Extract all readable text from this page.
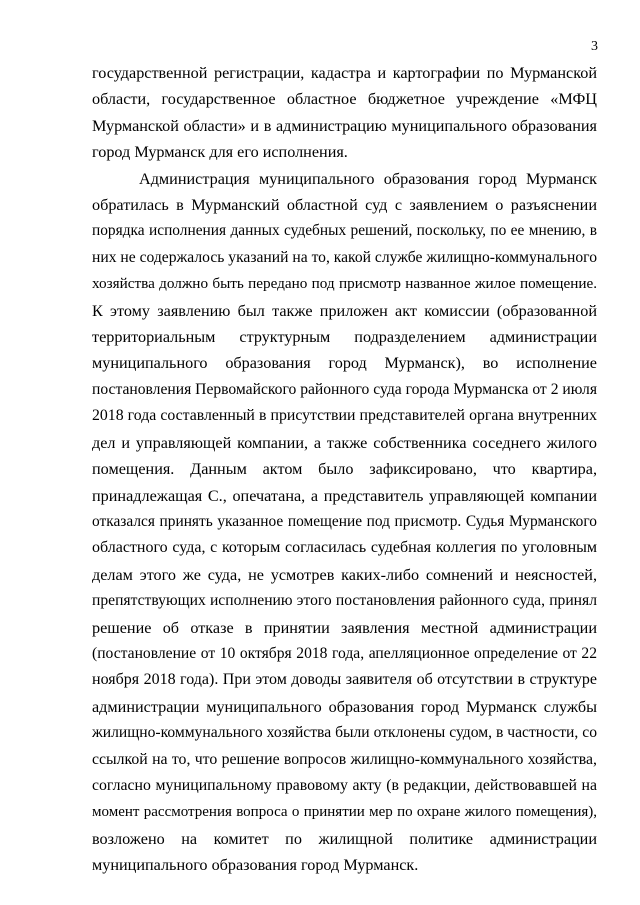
3

государственной регистрации, кадастра и картографии по Мурманской

области, государственное областное бюджетное учреждение «МФЦ

Мурманской области» и в администрацию муниципального образования

город Мурманск для его исполнения.

Администрация муниципального образования город Мурманск

обратилась в Мурманский областной суд с заявлением о разъяснении

порядка исполнения данных судебных решений, поскольку, по ее мнению, в

них не содержалось указаний на то, какой службе жилищно-коммунального

хозяйства должно быть передано под присмотр названное жилое помещение.

К этому заявлению был также приложен акт комиссии (образованной

территориальным структурным подразделением администрации

муниципального образования город Мурманск), во исполнение

постановления Первомайского районного суда города Мурманска от 2 июля

2018 года составленный в присутствии представителей органа внутренних

дел и управляющей компании, а также собственника соседнего жилого

помещения. Данным актом было зафиксировано, что квартира,

принадлежащая С., опечатана, а представитель управляющей компании

отказался принять указанное помещение под присмотр. Судья Мурманского

областного суда, с которым согласилась судебная коллегия по уголовным

делам этого же суда, не усмотрев каких-либо сомнений и неясностей,

препятствующих исполнению этого постановления районного суда, принял

решение об отказе в принятии заявления местной администрации

(постановление от 10 октября 2018 года, апелляционное определение от 22

ноября 2018 года). При этом доводы заявителя об отсутствии в структуре

администрации муниципального образования город Мурманск службы

жилищно-коммунального хозяйства были отклонены судом, в частности, со

ссылкой на то, что решение вопросов жилищно-коммунального хозяйства,

согласно муниципальному правовому акту (в редакции, действовавшей на

момент рассмотрения вопроса о принятии мер по охране жилого помещения),

возложено на комитет по жилищной политике администрации

муниципального образования город Мурманск.
